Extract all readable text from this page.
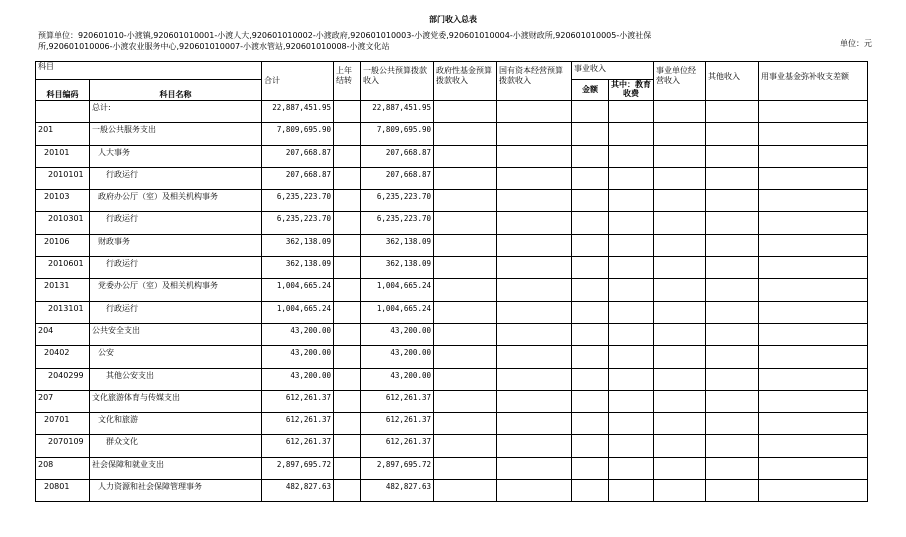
部门收入总表
预算单位：920601010-小渡镇,920601010001-小渡人大,920601010002-小渡政府,920601010003-小渡党委,920601010004-小渡财政所,920601010005-小渡社保
所,920601010006-小渡农业服务中心,920601010007-小渡水管站,920601010008-小渡文化站	单位：元
科目		合计	上年结转	一般公共预算拨款收入	政府性基金预算拨款收入	国有资本经营预算拨款收入	事业收入		事业单位经营收入	其他收入	用事业基金弥补收支差额
科目编码	科目名称						金额	其中：教育收费			

	总计:	22,887,451.95		22,887,451.95							
201	一般公共服务支出	7,809,695.90		7,809,695.90							
20101	人大事务	207,668.87		207,668.87							
2010101	行政运行	207,668.87		207,668.87							
20103	政府办公厅（室）及相关机构事务	6,235,223.70		6,235,223.70							
2010301	行政运行	6,235,223.70		6,235,223.70							
20106	财政事务	362,138.09		362,138.09							
2010601	行政运行	362,138.09		362,138.09							
20131	党委办公厅（室）及相关机构事务	1,004,665.24		1,004,665.24							
2013101	行政运行	1,004,665.24		1,004,665.24							
204	公共安全支出	43,200.00		43,200.00							
20402	公安	43,200.00		43,200.00							
2040299	其他公安支出	43,200.00		43,200.00							
207	文化旅游体育与传媒支出	612,261.37		612,261.37							
20701	文化和旅游	612,261.37		612,261.37							
2070109	群众文化	612,261.37		612,261.37							
208	社会保障和就业支出	2,897,695.72		2,897,695.72							
20801	人力资源和社会保障管理事务	482,827.63		482,827.63							
